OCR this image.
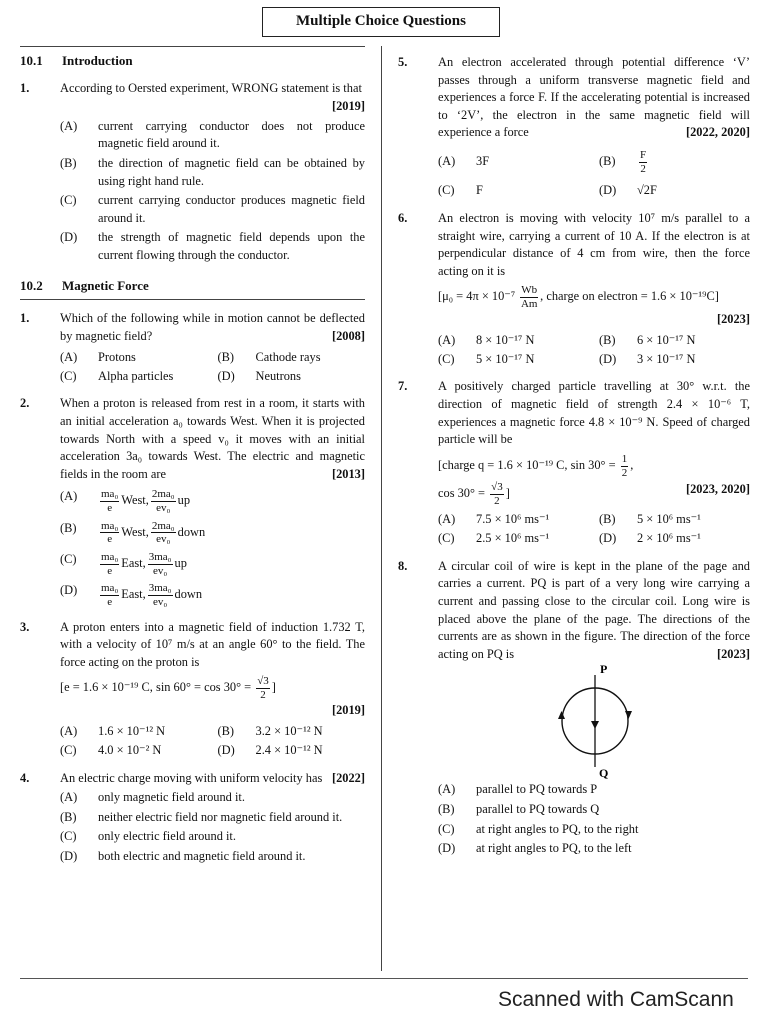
Multiple Choice Questions
10.1	Introduction
1.	According to Oersted experiment, WRONG statement is that
[2019]
(A)	current carrying conductor does not produce magnetic field around it.
(B)	the direction of magnetic field can be obtained by using right hand rule.
(C)	current carrying conductor produces magnetic field around it.
(D)	the strength of magnetic field depends upon the current flowing through the conductor.
10.2	Magnetic Force
1.	Which of the following while in motion cannot be deflected by magnetic field?	[2008]
(A)	Protons	(B)	Cathode rays
(C)	Alpha particles	(D)	Neutrons
2.	When a proton is released from rest in a room, it starts with an initial acceleration a₀ towards West. When it is projected towards North with a speed v₀ it moves with an initial acceleration 3a₀ towards West. The electric and magnetic fields in the room are	[2013]
(A)	$\frac{\text{ma₀}}{e}$ West, $\frac{\text{2ma₀}}{\text{ev₀}}$ up
(B)	$\frac{\text{ma₀}}{e}$ West, $\frac{\text{2ma₀}}{\text{ev₀}}$ down
(C)	$\frac{\text{ma₀}}{e}$ East, $\frac{\text{3ma₀}}{\text{ev₀}}$ up
(D)	$\frac{\text{ma₀}}{e}$ East, $\frac{\text{3ma₀}}{\text{ev₀}}$ down
3.	A proton enters into a magnetic field of induction 1.732 T, with a velocity of 10⁷ m/s at an angle 60° to the field. The force acting on the proton is
[e = 1.6 × 10⁻¹⁹ C, $\sin 60^\circ = \cos 30^\circ = \frac{√3}{2}$ ]
[2019]
(A)	1.6 × 10⁻¹² N	(B)	3.2 × 10⁻¹² N
(C)	4.0 × 10⁻² N	(D)	2.4 × 10⁻¹² N
4.	An electric charge moving with uniform velocity has [2022]
(A)	only magnetic field around it.
(B)	neither electric field nor magnetic field around it.
(C)	only electric field around it.
(D)	both electric and magnetic field around it.
5.	An electron accelerated through potential difference ‘V’ passes through a uniform transverse magnetic field and experiences a force F. If the accelerating potential is increased to ‘2V’, the electron in the same magnetic field will experience a force	[2022, 2020]
(A)	3F	(B)	$\frac{F}{2}$
(C)	F	(D)	√2F
6.	An electron is moving with velocity 10⁷ m/s parallel to a straight wire, carrying a current of 10 A. If the electron is at perpendicular distance of 4 cm from wire, then the force acting on it is
[$\mu_0 = 4\pi \times 10^{-7} \frac{Wb}{Am}$ , charge on electron = 1.6 × 10⁻¹⁹C]
[2023]
(A)	8 × 10⁻¹⁷ N	(B)	6 × 10⁻¹⁷ N
(C)	5 × 10⁻¹⁷ N	(D)	3 × 10⁻¹⁷ N
7.	A positively charged particle travelling at 30° w.r.t. the direction of magnetic field of strength 2.4 × 10⁻⁶ T, experiences a magnetic force 4.8 × 10⁻⁹ N. Speed of charged particle will be
[charge q = 1.6 × 10⁻¹⁹ C, $\sin 30^\circ = \frac{1}{2}$ ,
$\cos 30^\circ = \frac{√3}{2}$ ]	[2023, 2020]
(A)	7.5 × 10⁶ ms⁻¹	(B)	5 × 10⁶ ms⁻¹
(C)	2.5 × 10⁶ ms⁻¹	(D)	2 × 10⁶ ms⁻¹
8.	A circular coil of wire is kept in the plane of the page and carries a current. PQ is part of a very long wire carrying a current and passing close to the circular coil. Long wire is placed above the plane of the page. The directions of the currents are as shown in the figure. The direction of the force acting on PQ is	[2023]
P
Q
(A)	parallel to PQ towards P
(B)	parallel to PQ towards Q
(C)	at right angles to PQ, to the right
(D)	at right angles to PQ, to the left
Scanned with CamScann
